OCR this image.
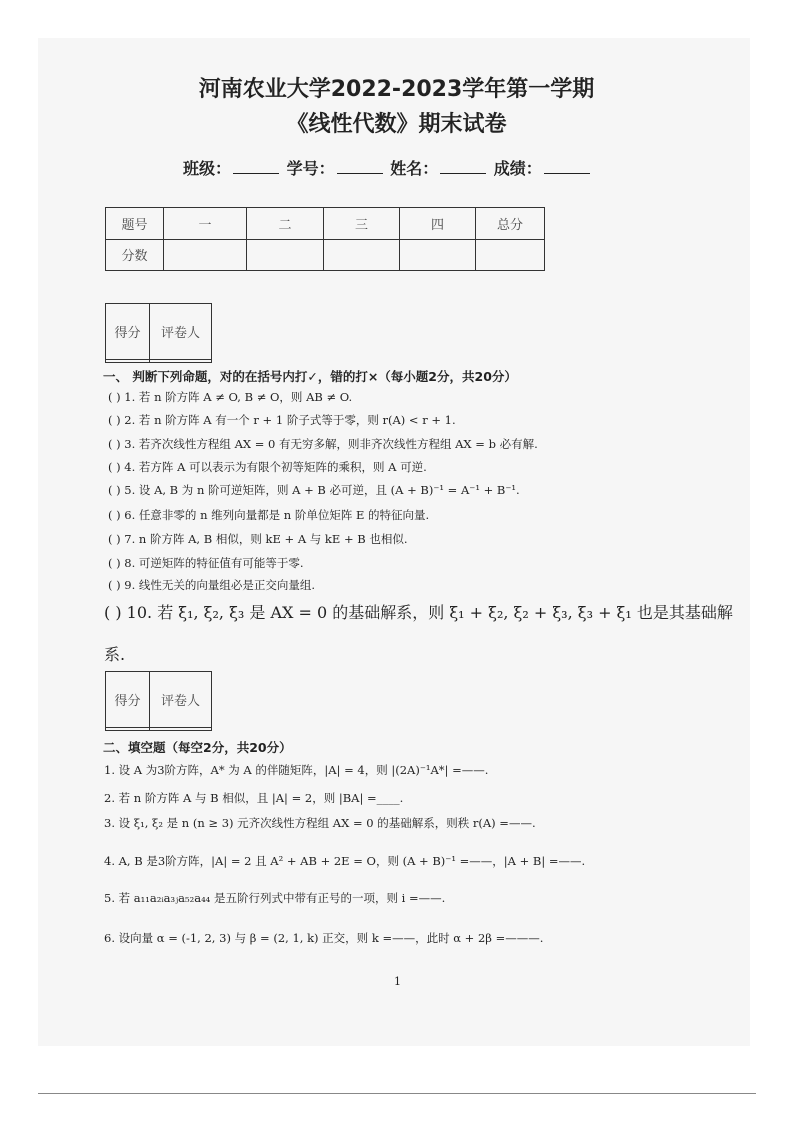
河南农业大学2022-2023学年第一学期
《线性代数》期末试卷
班级：	学号：	姓名：	成绩：
题号	一	二	三	四	总分
分数					
得分	评卷人

一、 判断下列命题，对的在括号内打✓，错的打×（每小题2分，共20分）
( ) 1. 若 n 阶方阵 A ≠ O, B ≠ O，则 AB ≠ O.
( ) 2. 若 n 阶方阵 A 有一个 r + 1 阶子式等于零，则 r(A) < r + 1.
( ) 3. 若齐次线性方程组 AX = 0 有无穷多解，则非齐次线性方程组 AX = b 必有解.
( ) 4. 若方阵 A 可以表示为有限个初等矩阵的乘积，则 A 可逆.
( ) 5. 设 A, B 为 n 阶可逆矩阵，则 A + B 必可逆，且 (A + B)⁻¹ = A⁻¹ + B⁻¹.
( ) 6. 任意非零的 n 维列向量都是 n 阶单位矩阵 E 的特征向量.
( ) 7. n 阶方阵 A, B 相似，则 kE + A 与 kE + B 也相似.
( ) 8. 可逆矩阵的特征值有可能等于零.
( ) 9. 线性无关的向量组必是正交向量组.
( ) 10. 若 ξ₁, ξ₂, ξ₃ 是 AX = 0 的基础解系，则 ξ₁ + ξ₂, ξ₂ + ξ₃, ξ₃ + ξ₁ 也是其基础解
系.
得分	评卷人

二、填空题（每空2分，共20分）
1. 设 A 为3阶方阵，A* 为 A 的伴随矩阵，|A| = 4，则 |(2A)⁻¹A*| =——.
2. 若 n 阶方阵 A 与 B 相似，且 |A| = 2，则 |BA| =____.
3. 设 ξ₁, ξ₂ 是 n (n ≥ 3) 元齐次线性方程组 AX = 0 的基础解系，则秩 r(A) =——.
4. A, B 是3阶方阵，|A| = 2 且 A² + AB + 2E = O，则 (A + B)⁻¹ =——，|A + B| =——.
5. 若 a₁₁a₂ᵢa₃ⱼa₅₂a₄₄ 是五阶行列式中带有正号的一项，则 i =——.
6. 设向量 α = (-1, 2, 3) 与 β = (2, 1, k) 正交，则 k =——，此时 α + 2β =———.
1
